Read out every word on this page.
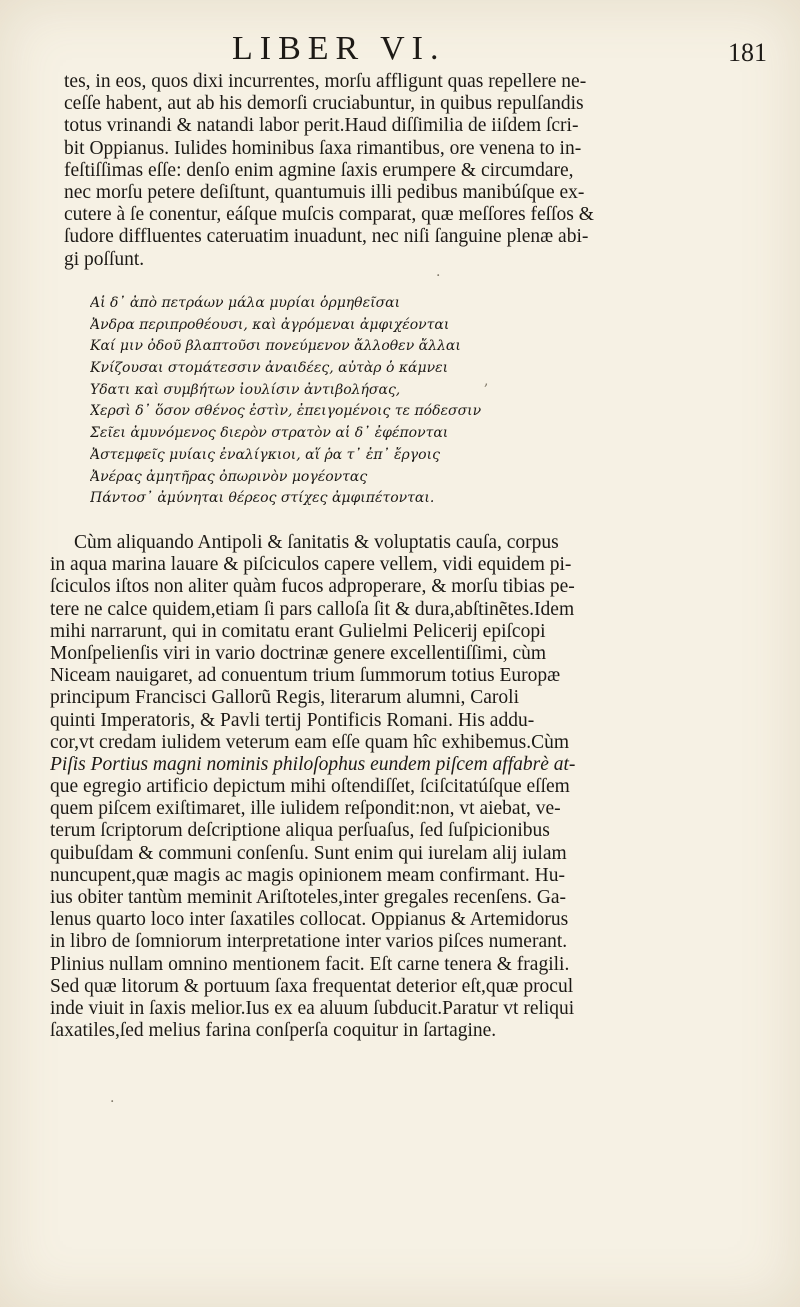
LIBER VI.	181
tes, in eos, quos dixi incurrentes, morſu affligunt quas repellere ne-
ceſſe habent, aut ab his demorſi cruciabuntur, in quibus repulſandis
totus vrinandi & natandi labor perit.Haud diſſimilia de iiſdem ſcri-
bit Oppianus. Iulides hominibus ſaxa rimantibus, ore venena to in-
feſtiſſimas eſſe: denſo enim agmine ſaxis erumpere & circumdare,
nec morſu petere deſiſtunt, quantumuis illi pedibus manibúſque ex-
cutere à ſe conentur, eáſque muſcis comparat, quæ meſſores feſſos &
ſudore diffluentes cateruatim inuadunt, nec niſi ſanguine plenæ abi-
gi poſſunt.
Αἱ δ᾽ ἀπὸ πετράων μάλα μυρίαι ὁρμηθεῖσαι
Ἀνδρα περιπροθέουσι, καὶ ἀγρόμεναι ἀμφιχέονται
Καί μιν ὀδοῦ βλαπτοῦσι πονεύμενον ἄλλοθεν ἄλλαι
Κνίζουσαι στομάτεσσιν ἀναιδέες, αὐτὰρ ὁ κάμνει
Υδατι καὶ συμβήτων ἰουλίσιν ἀντιβολήσας,
Χερσὶ δ᾽ ὅσον σθένος ἐστὶν, ἐπειγομένοις τε πόδεσσιν
Σεῖει ἀμυνόμενος διερὸν στρατὸν αἱ δ᾽ ἐφέπονται
Ἀστεμφεῖς μυίαις ἐναλίγκιοι, αἵ ῥα τ᾽ ἐπ᾽ ἔργοις
Ἀνέρας ἀμητῆρας ὀπωρινὸν μογέοντας
Πάντοσ᾽ ἀμύνηται θέρεος στίχες ἀμφιπέτονται.
Cùm aliquando Antipoli & ſanitatis & voluptatis cauſa, corpus
in aqua marina lauare & piſciculos capere vellem, vidi equidem pi-
ſciculos iſtos non aliter quàm fucos adproperare, & morſu tibias pe-
tere ne calce quidem,etiam ſi pars calloſa ſit & dura,abſtinẽtes.Idem
mihi narrarunt, qui in comitatu erant Gulielmi Pelicerij epiſcopi
Monſpelienſis viri in vario doctrinæ genere excellentiſſimi, cùm
Niceam nauigaret, ad conuentum trium ſummorum totius Europæ
principum Francisci Gallorũ Regis, literarum alumni, Caroli
quinti Imperatoris, & Pavli tertij Pontificis Romani. His addu-
cor,vt credam iulidem veterum eam eſſe quam hîc exhibemus.Cùm
Piſis Portius magni nominis philoſophus eundem piſcem affabrè at-
que egregio artificio depictum mihi oſtendiſſet, ſciſcitatúſque eſſem
quem piſcem exiſtimaret, ille iulidem reſpondit:non, vt aiebat, ve-
terum ſcriptorum deſcriptione aliqua perſuaſus, ſed ſuſpicionibus
quibuſdam & communi conſenſu. Sunt enim qui iurelam alij iulam
nuncupent,quæ magis ac magis opinionem meam confirmant. Hu-
ius obiter tantùm meminit Ariſtoteles,inter gregales recenſens. Ga-
lenus quarto loco inter ſaxatiles collocat. Oppianus & Artemidorus
in libro de ſomniorum interpretatione inter varios piſces numerant.
Plinius nullam omnino mentionem facit. Eſt carne tenera & fragili.
Sed quæ litorum & portuum ſaxa frequentat deterior eſt,quæ procul
inde viuit in ſaxis melior.Ius ex ea aluum ſubducit.Paratur vt reliqui
ſaxatiles,ſed melius farina conſperſa coquitur in ſartagine.
,
·
·
